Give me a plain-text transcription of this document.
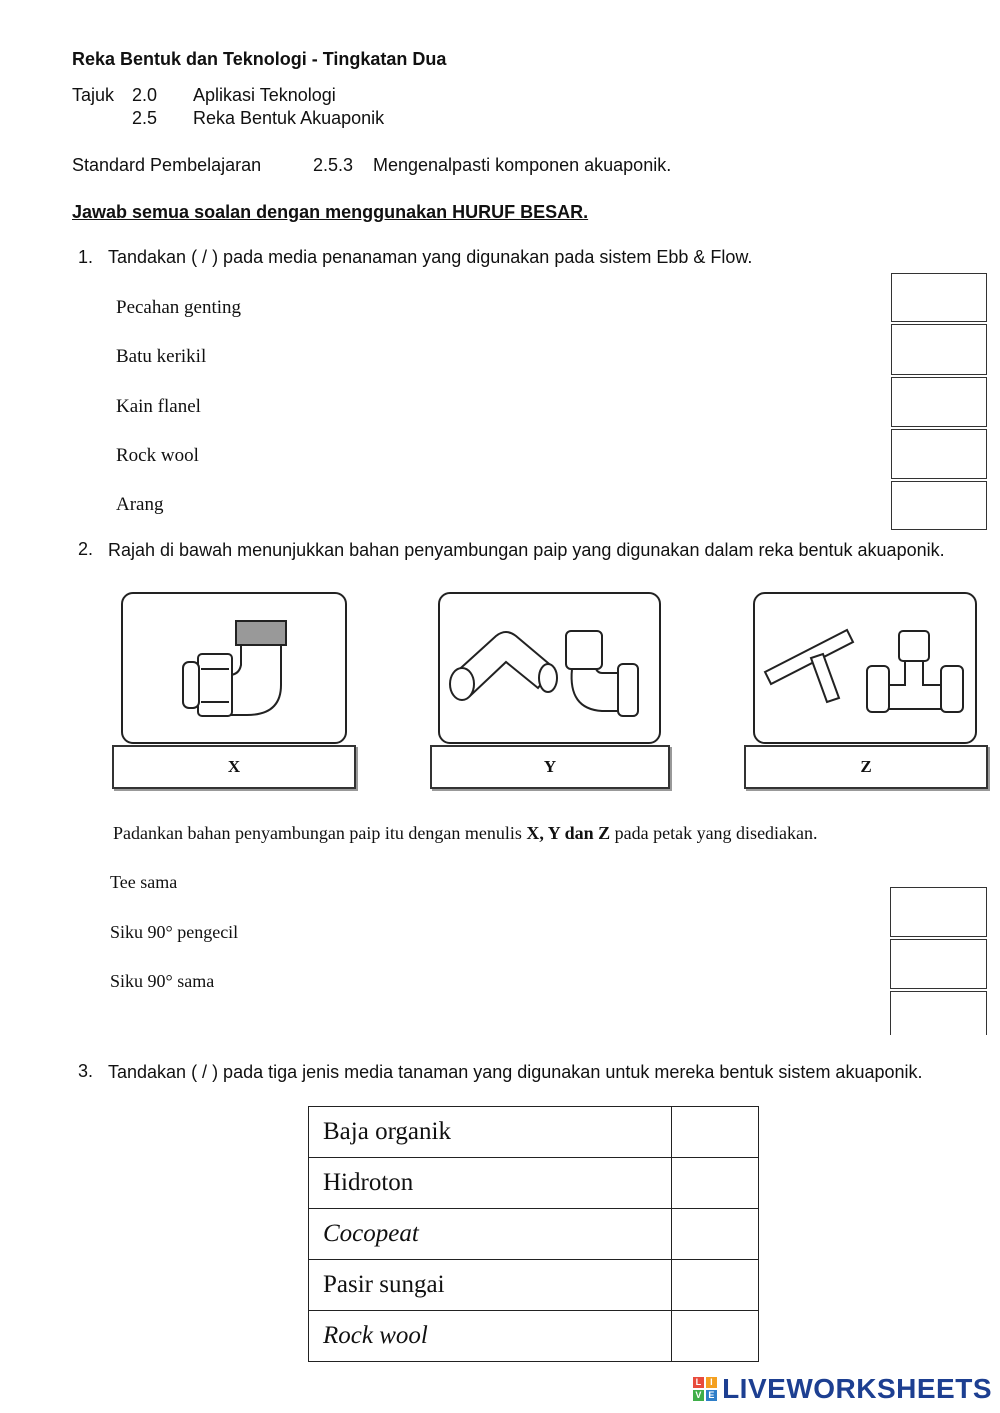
Reka Bentuk dan Teknologi - Tingkatan Dua
Tajuk 2.0 Aplikasi Teknologi
2.5 Reka Bentuk Akuaponik
Standard Pembelajaran	2.5.3 Mengenalpasti komponen akuaponik.
Jawab semua soalan dengan menggunakan HURUF BESAR.
1. Tandakan ( / ) pada media penanaman yang digunakan pada sistem Ebb & Flow.
Pecahan genting
Batu kerikil
Kain flanel
Rock wool
Arang
2. Rajah di bawah menunjukkan bahan penyambungan paip yang digunakan dalam reka bentuk akuaponik.
X	Y	Z
Padankan bahan penyambungan paip itu dengan menulis X, Y dan Z pada petak yang disediakan.
Tee sama
Siku 90° pengecil
Siku 90° sama
3. Tandakan ( / ) pada tiga jenis media tanaman yang digunakan untuk mereka bentuk sistem akuaponik.
Baja organik	
Hidroton	
Cocopeat	
Pasir sungai	
Rock wool	
L I
V E LIVEWORKSHEETS
